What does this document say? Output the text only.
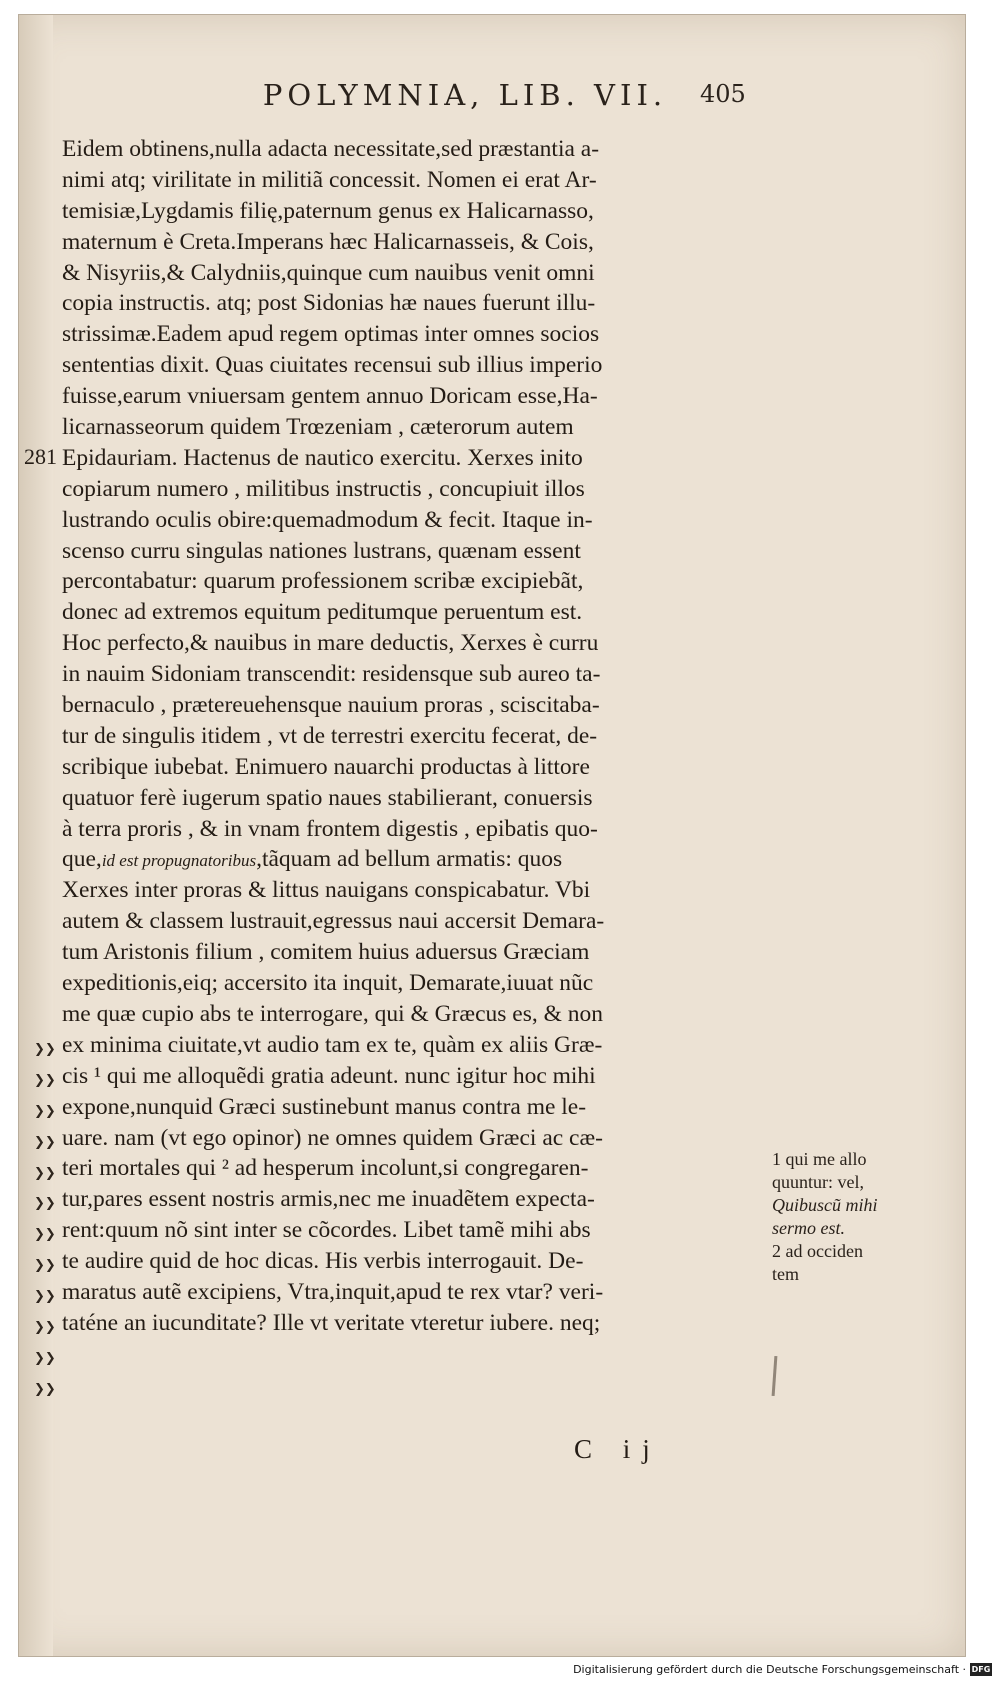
POLYMNIA, LIB. VII.	405
281
Eidem obtinens,nulla adacta necessitate,sed præstantia a-
nimi atq; virilitate in militiã concessit. Nomen ei erat Ar-
temisiæ,Lygdamis filię,paternum genus ex Halicarnasso,
maternum è Creta.Imperans hæc Halicarnasseis, & Cois,
& Nisyriis,& Calydniis,quinque cum nauibus venit omni
copia instructis. atq; post Sidonias hæ naues fuerunt illu-
strissimæ.Eadem apud regem optimas inter omnes socios
sententias dixit. Quas ciuitates recensui sub illius imperio
fuisse,earum vniuersam gentem annuo Doricam esse,Ha-
licarnasseorum quidem Trœzeniam , cæterorum autem
Epidauriam. Hactenus de nautico exercitu. Xerxes inito
copiarum numero , militibus instructis , concupiuit illos
lustrando oculis obire:quemadmodum & fecit. Itaque in-
scenso curru singulas nationes lustrans, quænam essent
percontabatur: quarum professionem scribæ excipiebãt,
donec ad extremos equitum peditumque peruentum est.
Hoc perfecto,& nauibus in mare deductis, Xerxes è curru
in nauim Sidoniam transcendit: residensque sub aureo ta-
bernaculo , prætereuehensque nauium proras , sciscitaba-
tur de singulis itidem , vt de terrestri exercitu fecerat, de-
scribique iubebat. Enimuero nauarchi productas à littore
quatuor ferè iugerum spatio naues stabilierant, conuersis
à terra proris , & in vnam frontem digestis , epibatis quo-
que,id est propugnatoribus,tãquam ad bellum armatis: quos
Xerxes inter proras & littus nauigans conspicabatur. Vbi
autem & classem lustrauit,egressus naui accersit Demara-
tum Aristonis filium , comitem huius aduersus Græciam
expeditionis,eiq; accersito ita inquit, Demarate,iuuat nũc
me quæ cupio abs te interrogare, qui & Græcus es, & non
ex minima ciuitate,vt audio tam ex te, quàm ex aliis Græ-
cis ¹ qui me alloquẽdi gratia adeunt. nunc igitur hoc mihi
expone,nunquid Græci sustinebunt manus contra me le-
uare. nam (vt ego opinor) ne omnes quidem Græci ac cæ-
teri mortales qui ² ad hesperum incolunt,si congregaren-
tur,pares essent nostris armis,nec me inuadẽtem expecta-
rent:quum nõ sint inter se cõcordes. Libet tamẽ mihi abs
te audire quid de hoc dicas. His verbis interrogauit. De-
maratus autẽ excipiens, Vtra,inquit,apud te rex vtar? veri-
taténe an iucunditate? Ille vt veritate vteretur iubere. neq;
❯❯
❯❯
❯❯
❯❯
❯❯
❯❯
❯❯
❯❯
❯❯
❯❯
❯❯
❯❯
1 qui me allo
quuntur: vel,
Quibuscũ mihi
sermo est.
2 ad occiden
tem
C ij
Digitalisierung gefördert durch die Deutsche Forschungsgemeinschaft · DFG
